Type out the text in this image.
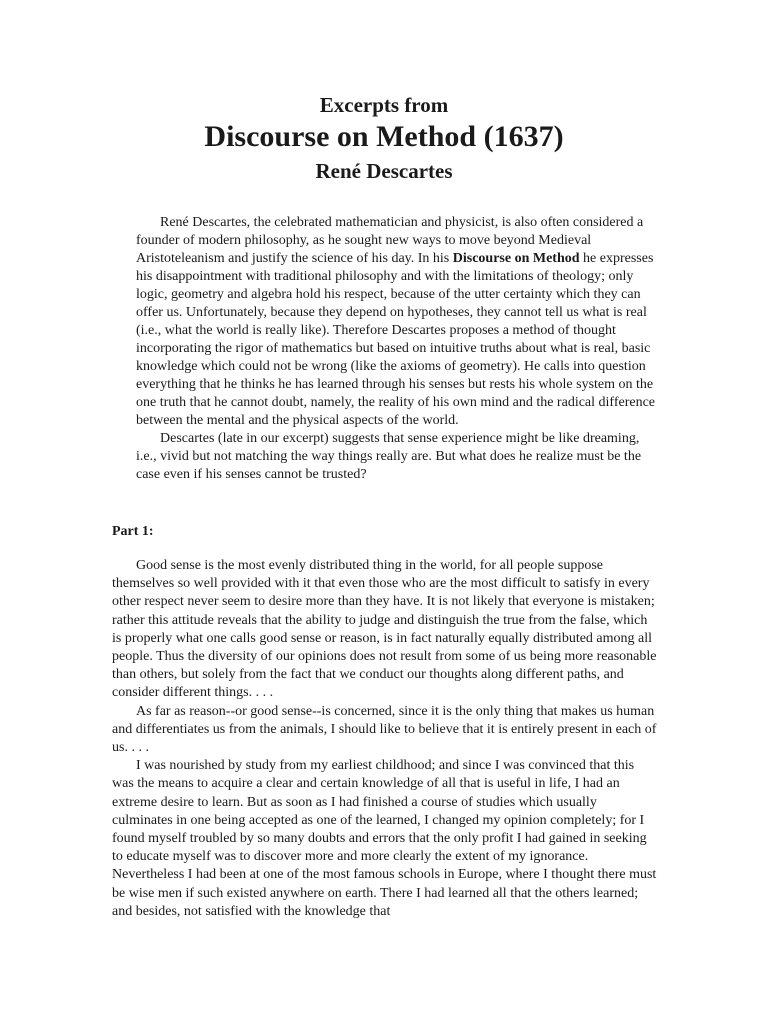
Excerpts from
Discourse on Method (1637)
René Descartes

René Descartes, the celebrated mathematician and physicist, is also often considered a founder of modern philosophy, as he sought new ways to move beyond Medieval Aristoteleanism and justify the science of his day. In his Discourse on Method he expresses his disappointment with traditional philosophy and with the limitations of theology; only logic, geometry and algebra hold his respect, because of the utter certainty which they can offer us. Unfortunately, because they depend on hypotheses, they cannot tell us what is real (i.e., what the world is really like). Therefore Descartes proposes a method of thought incorporating the rigor of mathematics but based on intuitive truths about what is real, basic knowledge which could not be wrong (like the axioms of geometry). He calls into question everything that he thinks he has learned through his senses but rests his whole system on the one truth that he cannot doubt, namely, the reality of his own mind and the radical difference between the mental and the physical aspects of the world.

Descartes (late in our excerpt) suggests that sense experience might be like dreaming, i.e., vivid but not matching the way things really are. But what does he realize must be the case even if his senses cannot be trusted?

Part 1:

Good sense is the most evenly distributed thing in the world, for all people suppose themselves so well provided with it that even those who are the most difficult to satisfy in every other respect never seem to desire more than they have. It is not likely that everyone is mistaken; rather this attitude reveals that the ability to judge and distinguish the true from the false, which is properly what one calls good sense or reason, is in fact naturally equally distributed among all people. Thus the diversity of our opinions does not result from some of us being more reasonable than others, but solely from the fact that we conduct our thoughts along different paths, and consider different things. . . .

As far as reason--or good sense--is concerned, since it is the only thing that makes us human and differentiates us from the animals, I should like to believe that it is entirely present in each of us. . . .

I was nourished by study from my earliest childhood; and since I was convinced that this was the means to acquire a clear and certain knowledge of all that is useful in life, I had an extreme desire to learn. But as soon as I had finished a course of studies which usually culminates in one being accepted as one of the learned, I changed my opinion completely; for I found myself troubled by so many doubts and errors that the only profit I had gained in seeking to educate myself was to discover more and more clearly the extent of my ignorance. Nevertheless I had been at one of the most famous schools in Europe, where I thought there must be wise men if such existed anywhere on earth. There I had learned all that the others learned; and besides, not satisfied with the knowledge that
